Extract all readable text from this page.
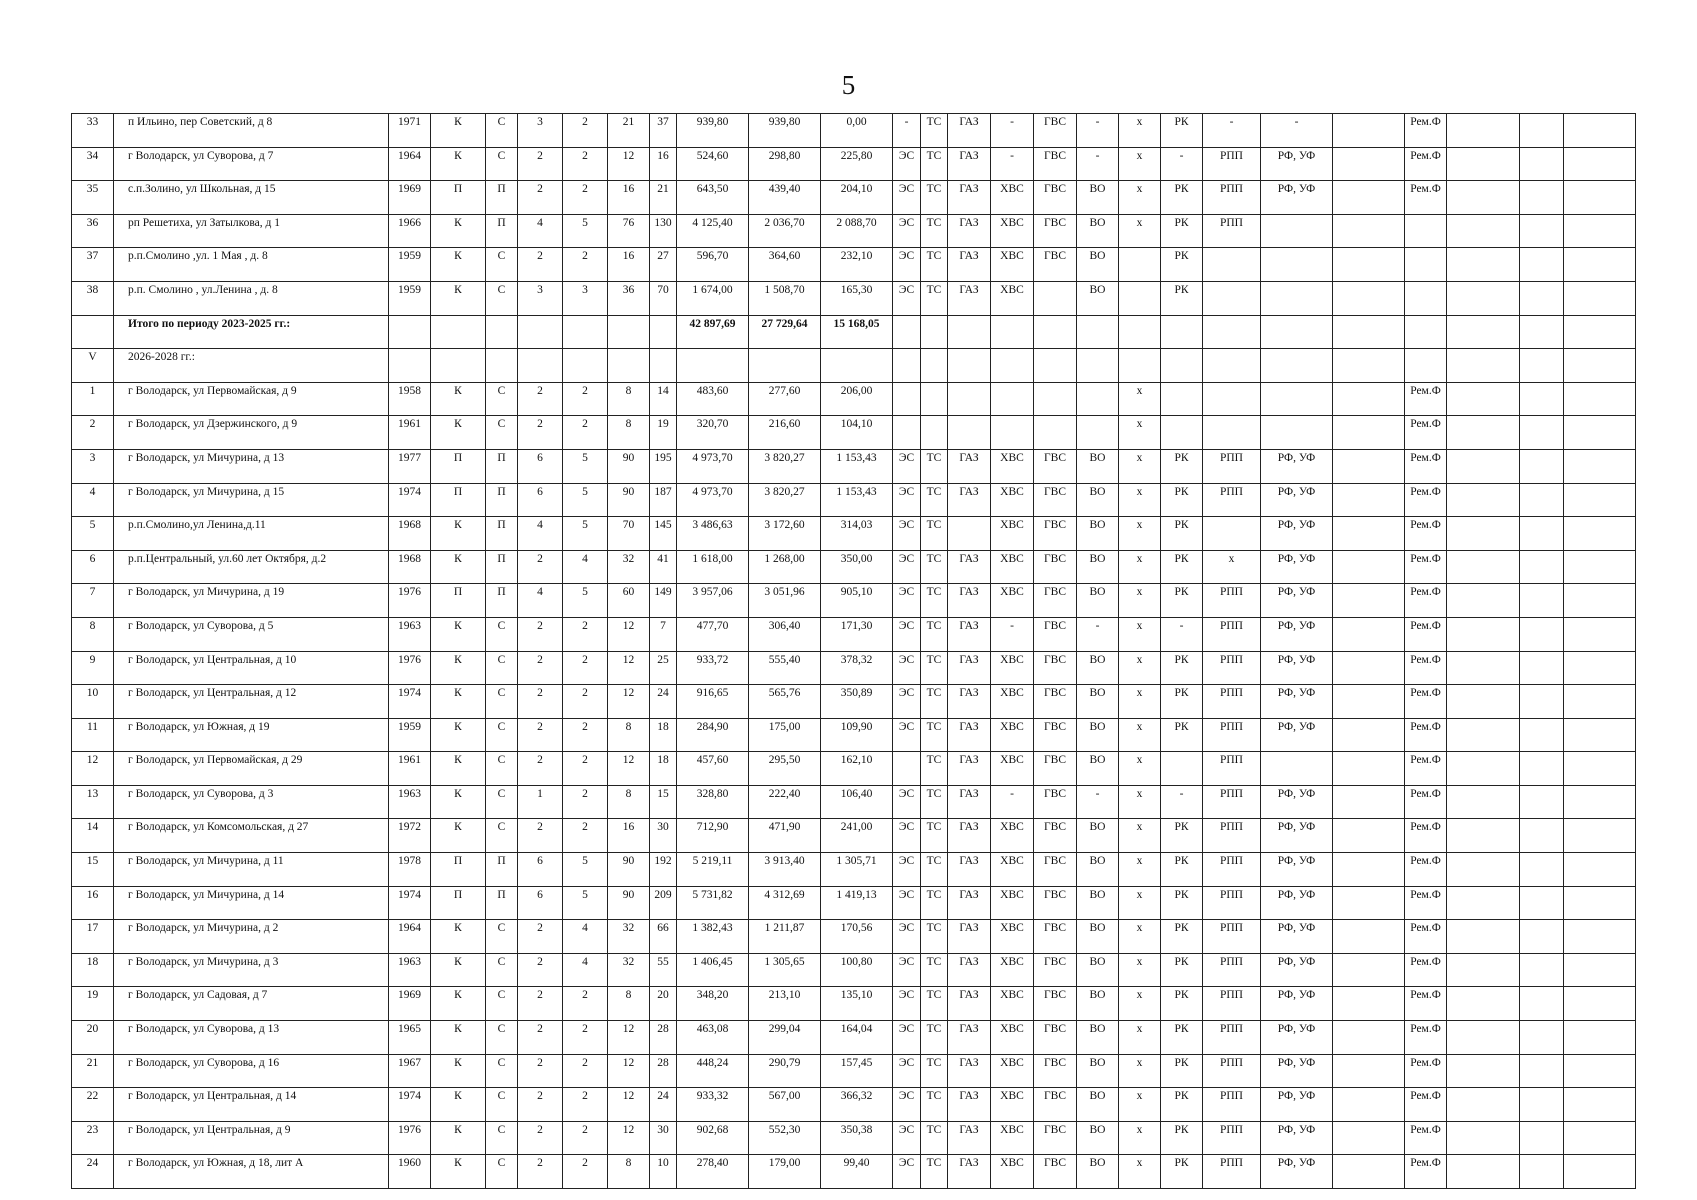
5
33	п Ильино, пер Советский, д 8	1971	К	С	3	2	21	37	939,80	939,80	0,00	-	ТС	ГАЗ	-	ГВС	-	х	РК	-	-		Рем.Ф			
34	г Володарск, ул Суворова, д 7	1964	К	С	2	2	12	16	524,60	298,80	225,80	ЭС	ТС	ГАЗ	-	ГВС	-	х	-	РПП	РФ, УФ		Рем.Ф			
35	с.п.Золино, ул Школьная, д 15	1969	П	П	2	2	16	21	643,50	439,40	204,10	ЭС	ТС	ГАЗ	ХВС	ГВС	ВО	х	РК	РПП	РФ, УФ		Рем.Ф			
36	рп Решетиха, ул Затылкова, д 1	1966	К	П	4	5	76	130	4 125,40	2 036,70	2 088,70	ЭС	ТС	ГАЗ	ХВС	ГВС	ВО	х	РК	РПП						
37	р.п.Смолино ,ул. 1 Мая , д. 8	1959	К	С	2	2	16	27	596,70	364,60	232,10	ЭС	ТС	ГАЗ	ХВС	ГВС	ВО		РК							
38	р.п. Смолино , ул.Ленина , д. 8	1959	К	С	3	3	36	70	1 674,00	1 508,70	165,30	ЭС	ТС	ГАЗ	ХВС		ВО		РК							
	Итого по периоду 2023-2025 гг.:								42 897,69	27 729,64	15 168,05															
V	2026-2028 гг.:																									
1	г Володарск, ул Первомайская, д 9	1958	К	С	2	2	8	14	483,60	277,60	206,00							х					Рем.Ф			
2	г Володарск, ул Дзержинского, д 9	1961	К	С	2	2	8	19	320,70	216,60	104,10							х					Рем.Ф			
3	г Володарск, ул Мичурина, д 13	1977	П	П	6	5	90	195	4 973,70	3 820,27	1 153,43	ЭС	ТС	ГАЗ	ХВС	ГВС	ВО	х	РК	РПП	РФ, УФ		Рем.Ф			
4	г Володарск, ул Мичурина, д 15	1974	П	П	6	5	90	187	4 973,70	3 820,27	1 153,43	ЭС	ТС	ГАЗ	ХВС	ГВС	ВО	х	РК	РПП	РФ, УФ		Рем.Ф			
5	р.п.Смолино,ул Ленина,д.11	1968	К	П	4	5	70	145	3 486,63	3 172,60	314,03	ЭС	ТС		ХВС	ГВС	ВО	х	РК		РФ, УФ		Рем.Ф			
6	р.п.Центральный, ул.60 лет Октября, д.2	1968	К	П	2	4	32	41	1 618,00	1 268,00	350,00	ЭС	ТС	ГАЗ	ХВС	ГВС	ВО	х	РК	х	РФ, УФ		Рем.Ф			
7	г Володарск, ул Мичурина, д 19	1976	П	П	4	5	60	149	3 957,06	3 051,96	905,10	ЭС	ТС	ГАЗ	ХВС	ГВС	ВО	х	РК	РПП	РФ, УФ		Рем.Ф			
8	г Володарск, ул Суворова, д 5	1963	К	С	2	2	12	7	477,70	306,40	171,30	ЭС	ТС	ГАЗ	-	ГВС	-	х	-	РПП	РФ, УФ		Рем.Ф			
9	г Володарск, ул Центральная, д 10	1976	К	С	2	2	12	25	933,72	555,40	378,32	ЭС	ТС	ГАЗ	ХВС	ГВС	ВО	х	РК	РПП	РФ, УФ		Рем.Ф			
10	г Володарск, ул Центральная, д 12	1974	К	С	2	2	12	24	916,65	565,76	350,89	ЭС	ТС	ГАЗ	ХВС	ГВС	ВО	х	РК	РПП	РФ, УФ		Рем.Ф			
11	г Володарск, ул Южная, д 19	1959	К	С	2	2	8	18	284,90	175,00	109,90	ЭС	ТС	ГАЗ	ХВС	ГВС	ВО	х	РК	РПП	РФ, УФ		Рем.Ф			
12	г Володарск, ул Первомайская, д 29	1961	К	С	2	2	12	18	457,60	295,50	162,10		ТС	ГАЗ	ХВС	ГВС	ВО	х		РПП			Рем.Ф			
13	г Володарск, ул Суворова, д 3	1963	К	С	1	2	8	15	328,80	222,40	106,40	ЭС	ТС	ГАЗ	-	ГВС	-	х	-	РПП	РФ, УФ		Рем.Ф			
14	г Володарск, ул Комсомольская, д 27	1972	К	С	2	2	16	30	712,90	471,90	241,00	ЭС	ТС	ГАЗ	ХВС	ГВС	ВО	х	РК	РПП	РФ, УФ		Рем.Ф			
15	г Володарск, ул Мичурина, д 11	1978	П	П	6	5	90	192	5 219,11	3 913,40	1 305,71	ЭС	ТС	ГАЗ	ХВС	ГВС	ВО	х	РК	РПП	РФ, УФ		Рем.Ф			
16	г Володарск, ул Мичурина, д 14	1974	П	П	6	5	90	209	5 731,82	4 312,69	1 419,13	ЭС	ТС	ГАЗ	ХВС	ГВС	ВО	х	РК	РПП	РФ, УФ		Рем.Ф			
17	г Володарск, ул Мичурина, д 2	1964	К	С	2	4	32	66	1 382,43	1 211,87	170,56	ЭС	ТС	ГАЗ	ХВС	ГВС	ВО	х	РК	РПП	РФ, УФ		Рем.Ф			
18	г Володарск, ул Мичурина, д 3	1963	К	С	2	4	32	55	1 406,45	1 305,65	100,80	ЭС	ТС	ГАЗ	ХВС	ГВС	ВО	х	РК	РПП	РФ, УФ		Рем.Ф			
19	г Володарск, ул Садовая, д 7	1969	К	С	2	2	8	20	348,20	213,10	135,10	ЭС	ТС	ГАЗ	ХВС	ГВС	ВО	х	РК	РПП	РФ, УФ		Рем.Ф			
20	г Володарск, ул Суворова, д 13	1965	К	С	2	2	12	28	463,08	299,04	164,04	ЭС	ТС	ГАЗ	ХВС	ГВС	ВО	х	РК	РПП	РФ, УФ		Рем.Ф			
21	г Володарск, ул Суворова, д 16	1967	К	С	2	2	12	28	448,24	290,79	157,45	ЭС	ТС	ГАЗ	ХВС	ГВС	ВО	х	РК	РПП	РФ, УФ		Рем.Ф			
22	г Володарск, ул Центральная, д 14	1974	К	С	2	2	12	24	933,32	567,00	366,32	ЭС	ТС	ГАЗ	ХВС	ГВС	ВО	х	РК	РПП	РФ, УФ		Рем.Ф			
23	г Володарск, ул Центральная, д 9	1976	К	С	2	2	12	30	902,68	552,30	350,38	ЭС	ТС	ГАЗ	ХВС	ГВС	ВО	х	РК	РПП	РФ, УФ		Рем.Ф			
24	г Володарск, ул Южная, д 18, лит А	1960	К	С	2	2	8	10	278,40	179,00	99,40	ЭС	ТС	ГАЗ	ХВС	ГВС	ВО	х	РК	РПП	РФ, УФ		Рем.Ф			
